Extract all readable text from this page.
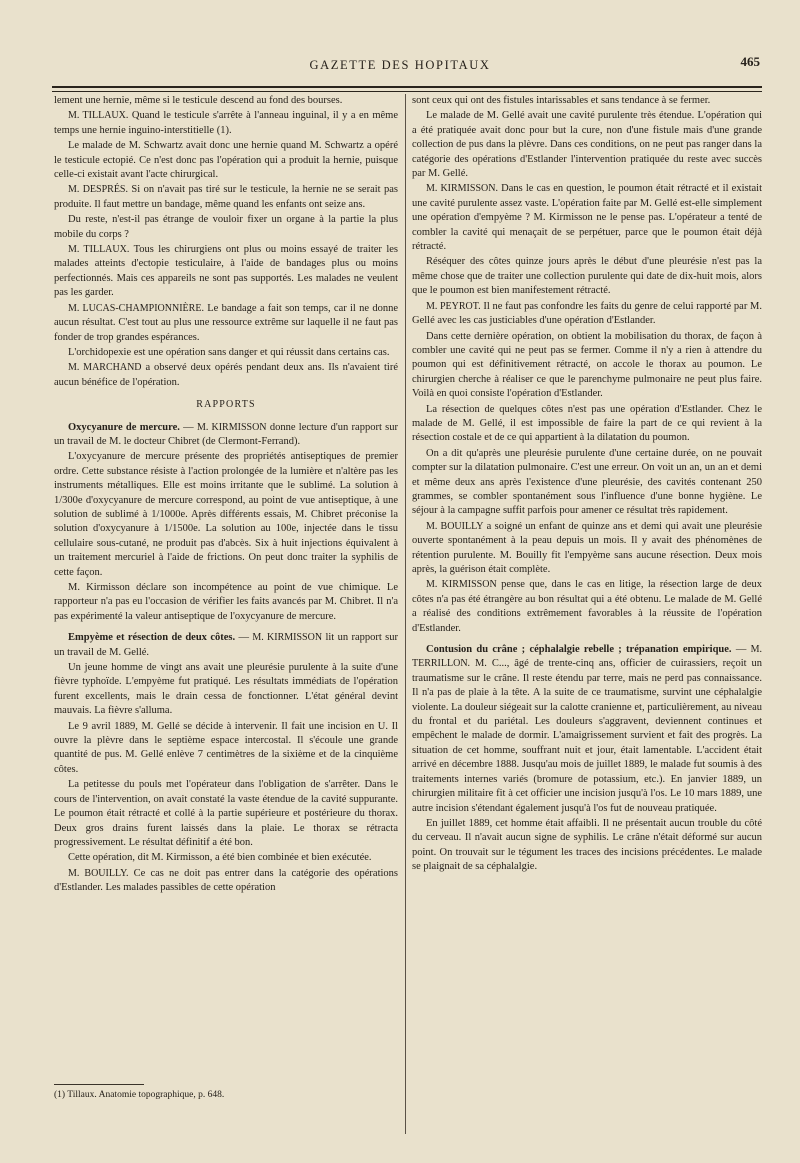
GAZETTE DES HOPITAUX	465

lement une hernie, même si le testicule descend au fond des bourses.

M. TILLAUX. Quand le testicule s'arrête à l'anneau inguinal, il y a en même temps une hernie inguino-interstitielle (1).

Le malade de M. Schwartz avait donc une hernie quand M. Schwartz a opéré le testicule ectopié. Ce n'est donc pas l'opération qui a produit la hernie, puisque celle-ci existait avant l'acte chirurgical.

M. DESPRÉS. Si on n'avait pas tiré sur le testicule, la hernie ne se serait pas produite. Il faut mettre un bandage, même quand les enfants ont seize ans.

Du reste, n'est-il pas étrange de vouloir fixer un organe à la partie la plus mobile du corps ?

M. TILLAUX. Tous les chirurgiens ont plus ou moins essayé de traiter les malades atteints d'ectopie testiculaire, à l'aide de bandages plus ou moins perfectionnés. Mais ces appareils ne sont pas supportés. Les malades ne veulent pas les garder.

M. LUCAS-CHAMPIONNIÈRE. Le bandage a fait son temps, car il ne donne aucun résultat. C'est tout au plus une ressource extrême sur laquelle il ne faut pas fonder de trop grandes espérances.

L'orchidopexie est une opération sans danger et qui réussit dans certains cas.

M. MARCHAND a observé deux opérés pendant deux ans. Ils n'avaient tiré aucun bénéfice de l'opération.

RAPPORTS

Oxycyanure de mercure. — M. KIRMISSON donne lecture d'un rapport sur un travail de M. le docteur Chibret (de Clermont-Ferrand).

L'oxycyanure de mercure présente des propriétés antiseptiques de premier ordre. Cette substance résiste à l'action prolongée de la lumière et n'altère pas les instruments métalliques. Elle est moins irritante que le sublimé. La solution à 1/300e d'oxycyanure de mercure correspond, au point de vue antiseptique, à une solution de sublimé à 1/1000e. Après différents essais, M. Chibret préconise la solution d'oxycyanure à 1/1500e. La solution au 100e, injectée dans le tissu cellulaire sous-cutané, ne produit pas d'abcès. Six à huit injections équivalent à un traitement mercuriel à l'aide de frictions. On peut donc traiter la syphilis de cette façon.

M. Kirmisson déclare son incompétence au point de vue chimique. Le rapporteur n'a pas eu l'occasion de vérifier les faits avancés par M. Chibret. Il n'a pas expérimenté la valeur antiseptique de l'oxycyanure de mercure.

Empyème et résection de deux côtes. — M. KIRMISSON lit un rapport sur un travail de M. Gellé.

Un jeune homme de vingt ans avait une pleurésie purulente à la suite d'une fièvre typhoïde. L'empyème fut pratiqué. Les résultats immédiats de l'opération furent excellents, mais le drain cessa de fonctionner. L'état général devint mauvais. La fièvre s'alluma.

Le 9 avril 1889, M. Gellé se décide à intervenir. Il fait une incision en U. Il ouvre la plèvre dans le septième espace intercostal. Il s'écoule une grande quantité de pus. M. Gellé enlève 7 centimètres de la sixième et de la cinquième côtes.

La petitesse du pouls met l'opérateur dans l'obligation de s'arrêter. Dans le cours de l'intervention, on avait constaté la vaste étendue de la cavité suppurante. Le poumon était rétracté et collé à la partie supérieure et postérieure du thorax. Deux gros drains furent laissés dans la plaie. Le thorax se rétracta progressivement. Le résultat définitif a été bon.

Cette opération, dit M. Kirmisson, a été bien combinée et bien exécutée.

M. BOUILLY. Ce cas ne doit pas entrer dans la catégorie des opérations d'Estlander. Les malades passibles de cette opération

(1) Tillaux. Anatomie topographique, p. 648.

sont ceux qui ont des fistules intarissables et sans tendance à se fermer.

Le malade de M. Gellé avait une cavité purulente très étendue. L'opération qui a été pratiquée avait donc pour but la cure, non d'une fistule mais d'une grande collection de pus dans la plèvre. Dans ces conditions, on ne peut pas ranger dans la catégorie des opérations d'Estlander l'intervention pratiquée du reste avec succès par M. Gellé.

M. KIRMISSON. Dans le cas en question, le poumon était rétracté et il existait une cavité purulente assez vaste. L'opération faite par M. Gellé est-elle simplement une opération d'empyème ? M. Kirmisson ne le pense pas. L'opérateur a tenté de combler la cavité qui menaçait de se perpétuer, parce que le poumon était déjà rétracté.

Réséquer des côtes quinze jours après le début d'une pleurésie n'est pas la même chose que de traiter une collection purulente qui date de dix-huit mois, alors que le poumon est bien manifestement rétracté.

M. PEYROT. Il ne faut pas confondre les faits du genre de celui rapporté par M. Gellé avec les cas justiciables d'une opération d'Estlander.

Dans cette dernière opération, on obtient la mobilisation du thorax, de façon à combler une cavité qui ne peut pas se fermer. Comme il n'y a rien à attendre du poumon qui est définitivement rétracté, on accole le thorax au poumon. Le chirurgien cherche à réaliser ce que le parenchyme pulmonaire ne peut plus faire. Voilà en quoi consiste l'opération d'Estlander.

La résection de quelques côtes n'est pas une opération d'Estlander. Chez le malade de M. Gellé, il est impossible de faire la part de ce qui revient à la résection costale et de ce qui appartient à la dilatation du poumon.

On a dit qu'après une pleurésie purulente d'une certaine durée, on ne pouvait compter sur la dilatation pulmonaire. C'est une erreur. On voit un an, un an et demi et même deux ans après l'existence d'une pleurésie, des cavités contenant 250 grammes, se combler spontanément sous l'influence d'une bonne hygiène. Le séjour à la campagne suffit parfois pour amener ce résultat très rapidement.

M. BOUILLY a soigné un enfant de quinze ans et demi qui avait une pleurésie ouverte spontanément à la peau depuis un mois. Il y avait des phénomènes de rétention purulente. M. Bouilly fit l'empyème sans aucune résection. Deux mois après, la guérison était complète.

M. KIRMISSON pense que, dans le cas en litige, la résection large de deux côtes n'a pas été étrangère au bon résultat qui a été obtenu. Le malade de M. Gellé a réalisé des conditions extrêmement favorables à la réussite de l'opération d'Estlander.

Contusion du crâne ; céphalalgie rebelle ; trépanation empirique. — M. TERRILLON. M. C..., âgé de trente-cinq ans, officier de cuirassiers, reçoit un traumatisme sur le crâne. Il reste étendu par terre, mais ne perd pas connaissance. Il n'a pas de plaie à la tête. A la suite de ce traumatisme, survint une céphalalgie violente. La douleur siégeait sur la calotte cranienne et, particulièrement, au niveau du frontal et du pariétal. Les douleurs s'aggravent, deviennent continues et empêchent le malade de dormir. L'amaigrissement survient et fait des progrès. La situation de cet homme, souffrant nuit et jour, était lamentable. L'accident était arrivé en décembre 1888. Jusqu'au mois de juillet 1889, le malade fut soumis à des traitements internes variés (bromure de potassium, etc.). En janvier 1889, un chirurgien militaire fit à cet officier une incision jusqu'à l'os. Le 10 mars 1889, une autre incision s'étendant également jusqu'à l'os fut de nouveau pratiquée.

En juillet 1889, cet homme était affaibli. Il ne présentait aucun trouble du côté du cerveau. Il n'avait aucun signe de syphilis. Le crâne n'était déformé sur aucun point. On trouvait sur le tégument les traces des incisions précédentes. Le malade se plaignait de sa céphalalgie.
